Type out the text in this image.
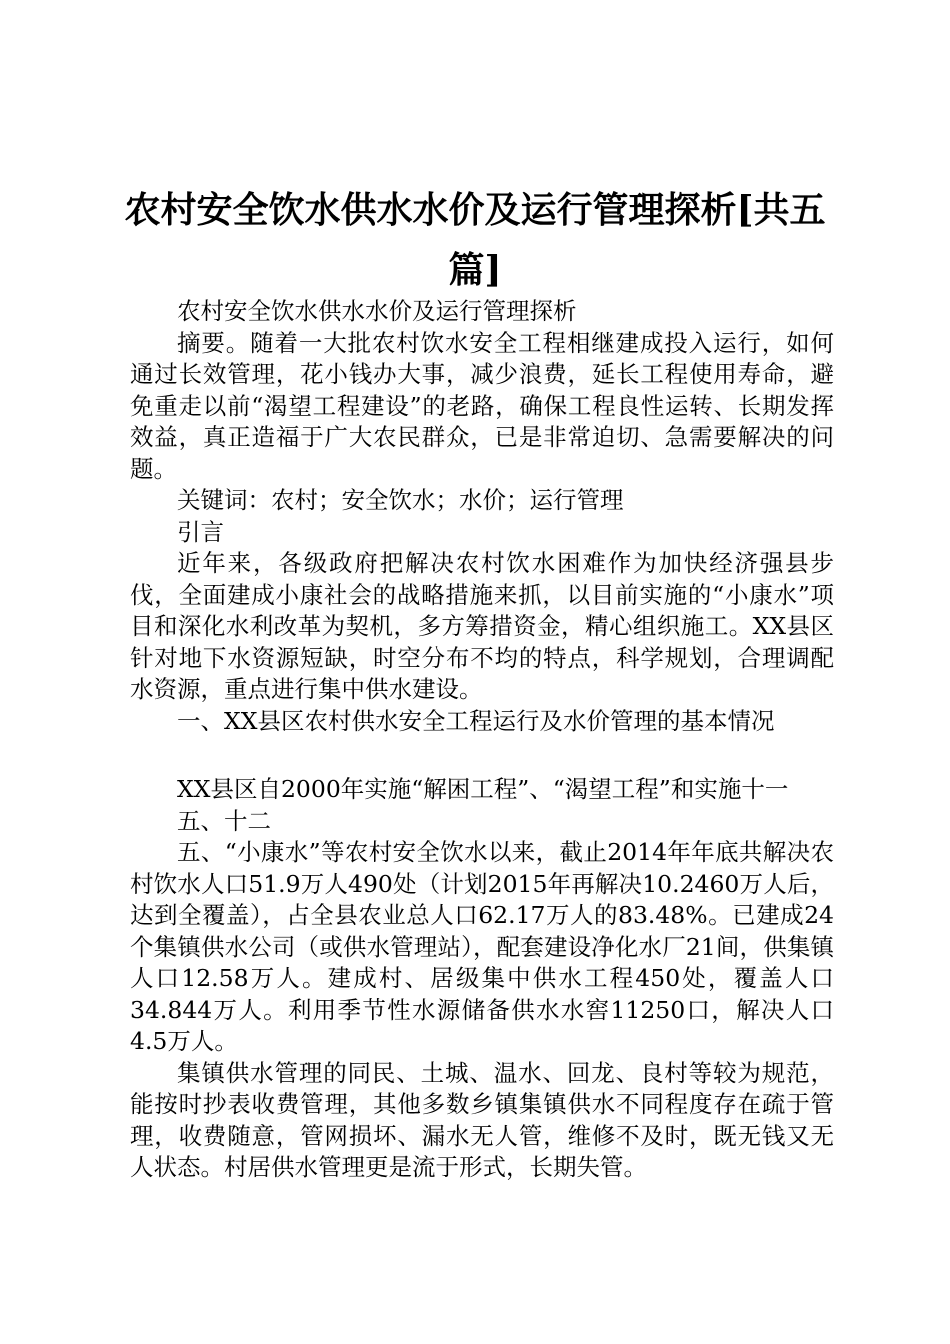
农村安全饮水供水水价及运行管理探析[共五篇]

农村安全饮水供水水价及运行管理探析

摘要。随着一大批农村饮水安全工程相继建成投入运行，如何通过长效管理，花小钱办大事，减少浪费，延长工程使用寿命，避免重走以前“渴望工程建设”的老路，确保工程良性运转、长期发挥效益，真正造福于广大农民群众，已是非常迫切、急需要解决的问题。

关键词：农村；安全饮水；水价；运行管理

引言

近年来，各级政府把解决农村饮水困难作为加快经济强县步伐，全面建成小康社会的战略措施来抓，以目前实施的“小康水”项目和深化水利改革为契机，多方筹措资金，精心组织施工。XX县区针对地下水资源短缺，时空分布不均的特点，科学规划，合理调配水资源，重点进行集中供水建设。

一、XX县区农村供水安全工程运行及水价管理的基本情况

XX县区自2000年实施“解困工程”、“渴望工程”和实施十一

五、十二

五、“小康水”等农村安全饮水以来，截止2014年年底共解决农村饮水人口51.9万人490处（计划2015年再解决10.2460万人后，达到全覆盖），占全县农业总人口62.17万人的83.48%。已建成24个集镇供水公司（或供水管理站），配套建设净化水厂21间，供集镇人口12.58万人。建成村、居级集中供水工程450处，覆盖人口34.844万人。利用季节性水源储备供水水窖11250口，解决人口4.5万人。

集镇供水管理的同民、土城、温水、回龙、良村等较为规范，能按时抄表收费管理，其他多数乡镇集镇供水不同程度存在疏于管理，收费随意，管网损坏、漏水无人管，维修不及时，既无钱又无人状态。村居供水管理更是流于形式，长期失管。
